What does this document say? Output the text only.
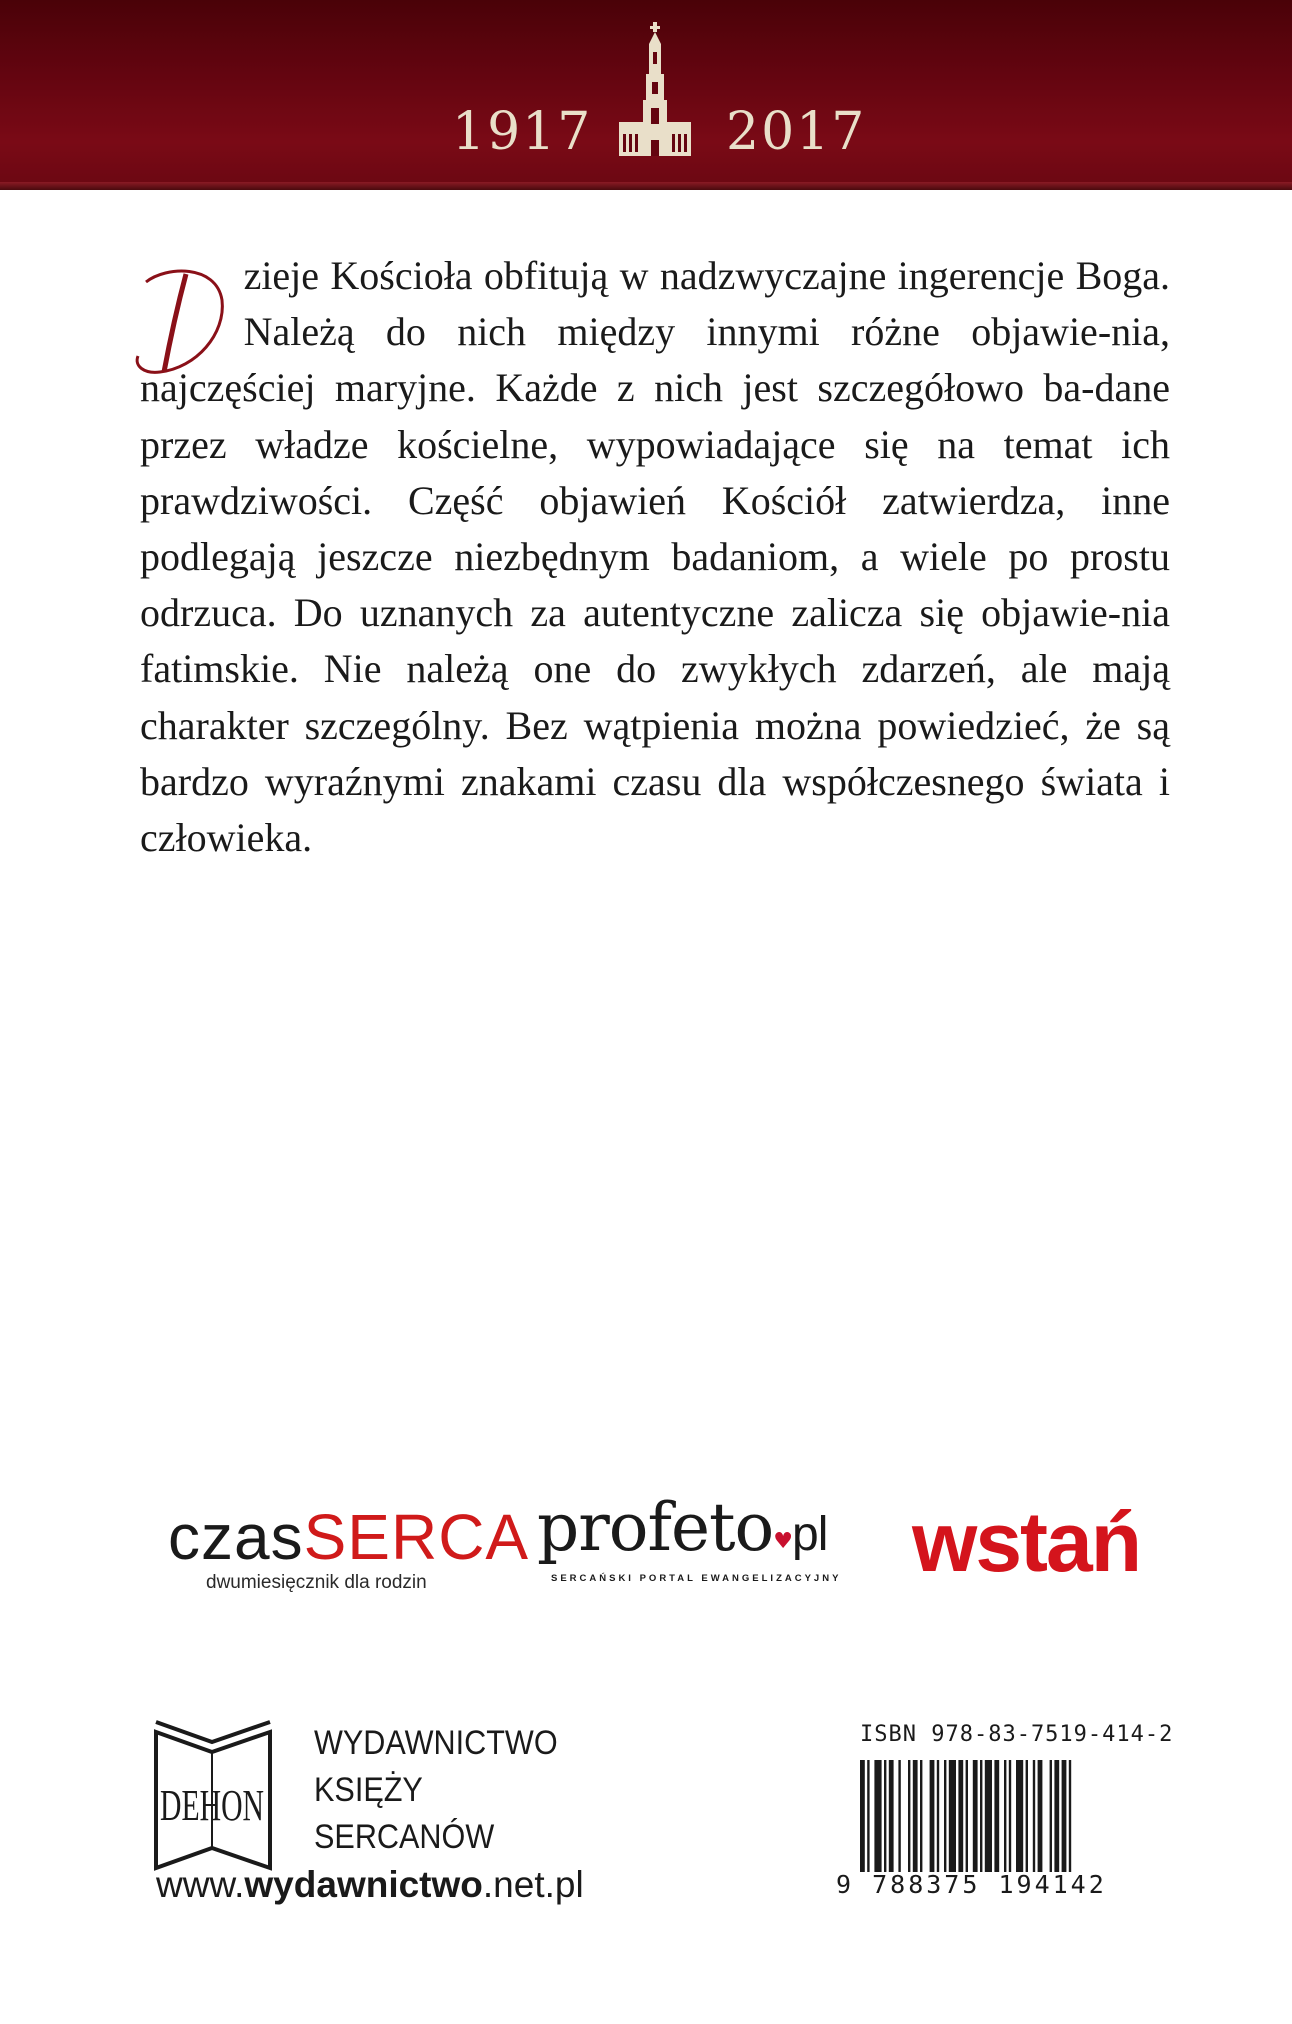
1917	2017

zieje Kościoła obfitują w nadzwyczajne ingerencje Boga. Należą do nich między innymi różne objawie-nia, najczęściej maryjne. Każde z nich jest szczegółowo ba-dane przez władze kościelne, wypowiadające się na temat ich prawdziwości. Część objawień Kościół zatwierdza, inne podlegają jeszcze niezbędnym badaniom, a wiele po prostu odrzuca. Do uznanych za autentyczne zalicza się objawie-nia fatimskie. Nie należą one do zwykłych zdarzeń, ale mają charakter szczególny. Bez wątpienia można powiedzieć, że są bardzo wyraźnymi znakami czasu dla współczesnego świata i człowieka.

czasSERCA
dwumiesięcznik dla rodzin
profeto♥pl
SERCAŃSKI PORTAL EWANGELIZACYJNY wstań
DEHON
WYDAWNICTWO
KSIĘŻY
SERCANÓW
www.wydawnictwo.net.pl
ISBN 978-83-7519-414-2
9 788375 194142
